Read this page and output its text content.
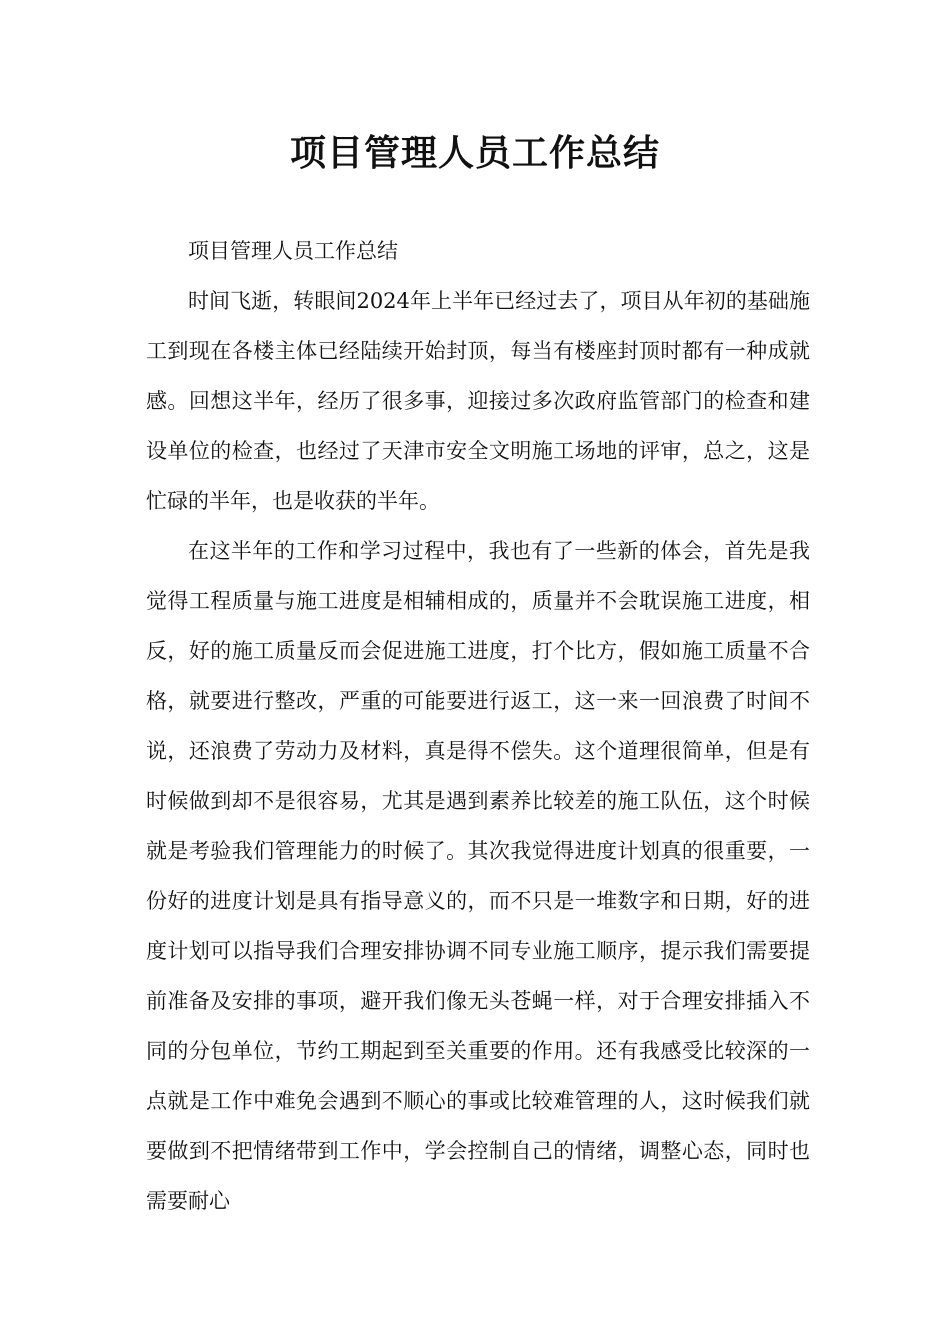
项目管理人员工作总结

项目管理人员工作总结

时间飞逝，转眼间2024年上半年已经过去了，项目从年初的基础施工到现在各楼主体已经陆续开始封顶，每当有楼座封顶时都有一种成就感。回想这半年，经历了很多事，迎接过多次政府监管部门的检查和建设单位的检查，也经过了天津市安全文明施工场地的评审，总之，这是忙碌的半年，也是收获的半年。

在这半年的工作和学习过程中，我也有了一些新的体会，首先是我觉得工程质量与施工进度是相辅相成的，质量并不会耽误施工进度，相反，好的施工质量反而会促进施工进度，打个比方，假如施工质量不合格，就要进行整改，严重的可能要进行返工，这一来一回浪费了时间不说，还浪费了劳动力及材料，真是得不偿失。这个道理很简单，但是有时候做到却不是很容易，尤其是遇到素养比较差的施工队伍，这个时候就是考验我们管理能力的时候了。其次我觉得进度计划真的很重要，一份好的进度计划是具有指导意义的，而不只是一堆数字和日期，好的进度计划可以指导我们合理安排协调不同专业施工顺序，提示我们需要提前准备及安排的事项，避开我们像无头苍蝇一样，对于合理安排插入不同的分包单位，节约工期起到至关重要的作用。还有我感受比较深的一点就是工作中难免会遇到不顺心的事或比较难管理的人，这时候我们就要做到不把情绪带到工作中，学会控制自己的情绪，调整心态，同时也需要耐心
